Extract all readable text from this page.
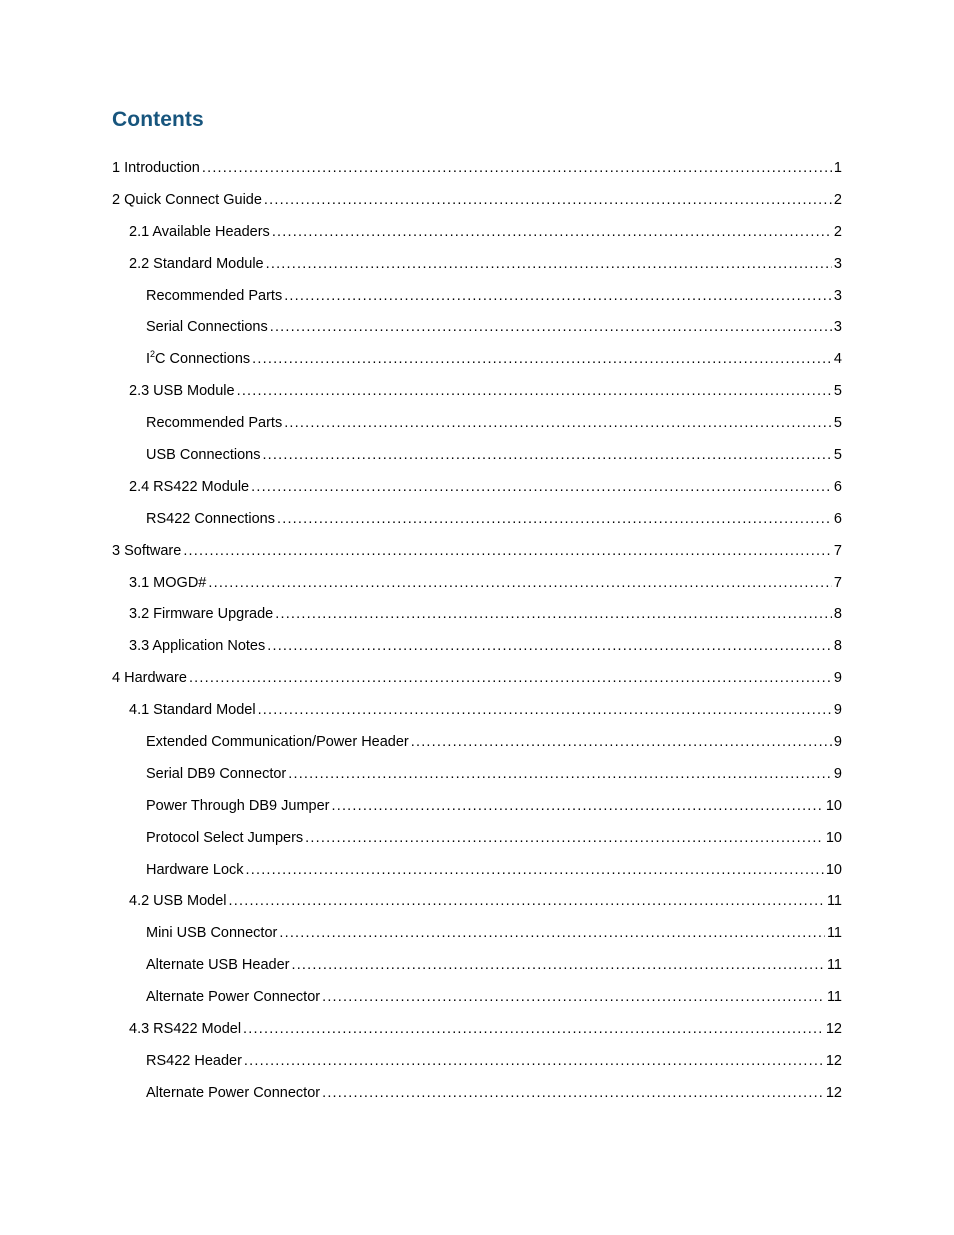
Contents
1 Introduction .....	1
2 Quick Connect Guide .....	2
2.1 Available Headers .....	2
2.2 Standard Module .....	3
Recommended Parts .....	3
Serial Connections .....	3
$I^2C$ Connections .....	4
2.3 USB Module .....	5
Recommended Parts .....	5
USB Connections .....	5
2.4 RS422 Module .....	6
RS422 Connections .....	6
3 Software .....	7
3.1 MOGD# .....	7
3.2 Firmware Upgrade .....	8
3.3 Application Notes .....	8
4 Hardware .....	9
4.1 Standard Model .....	9
Extended Communication/Power Header .....	9
Serial DB9 Connector .....	9
Power Through DB9 Jumper .....	10
Protocol Select Jumpers .....	10
Hardware Lock .....	10
4.2 USB Model .....	11
Mini USB Connector .....	11
Alternate USB Header .....	11
Alternate Power Connector .....	11
4.3 RS422 Model .....	12
RS422 Header .....	12
Alternate Power Connector .....	12
